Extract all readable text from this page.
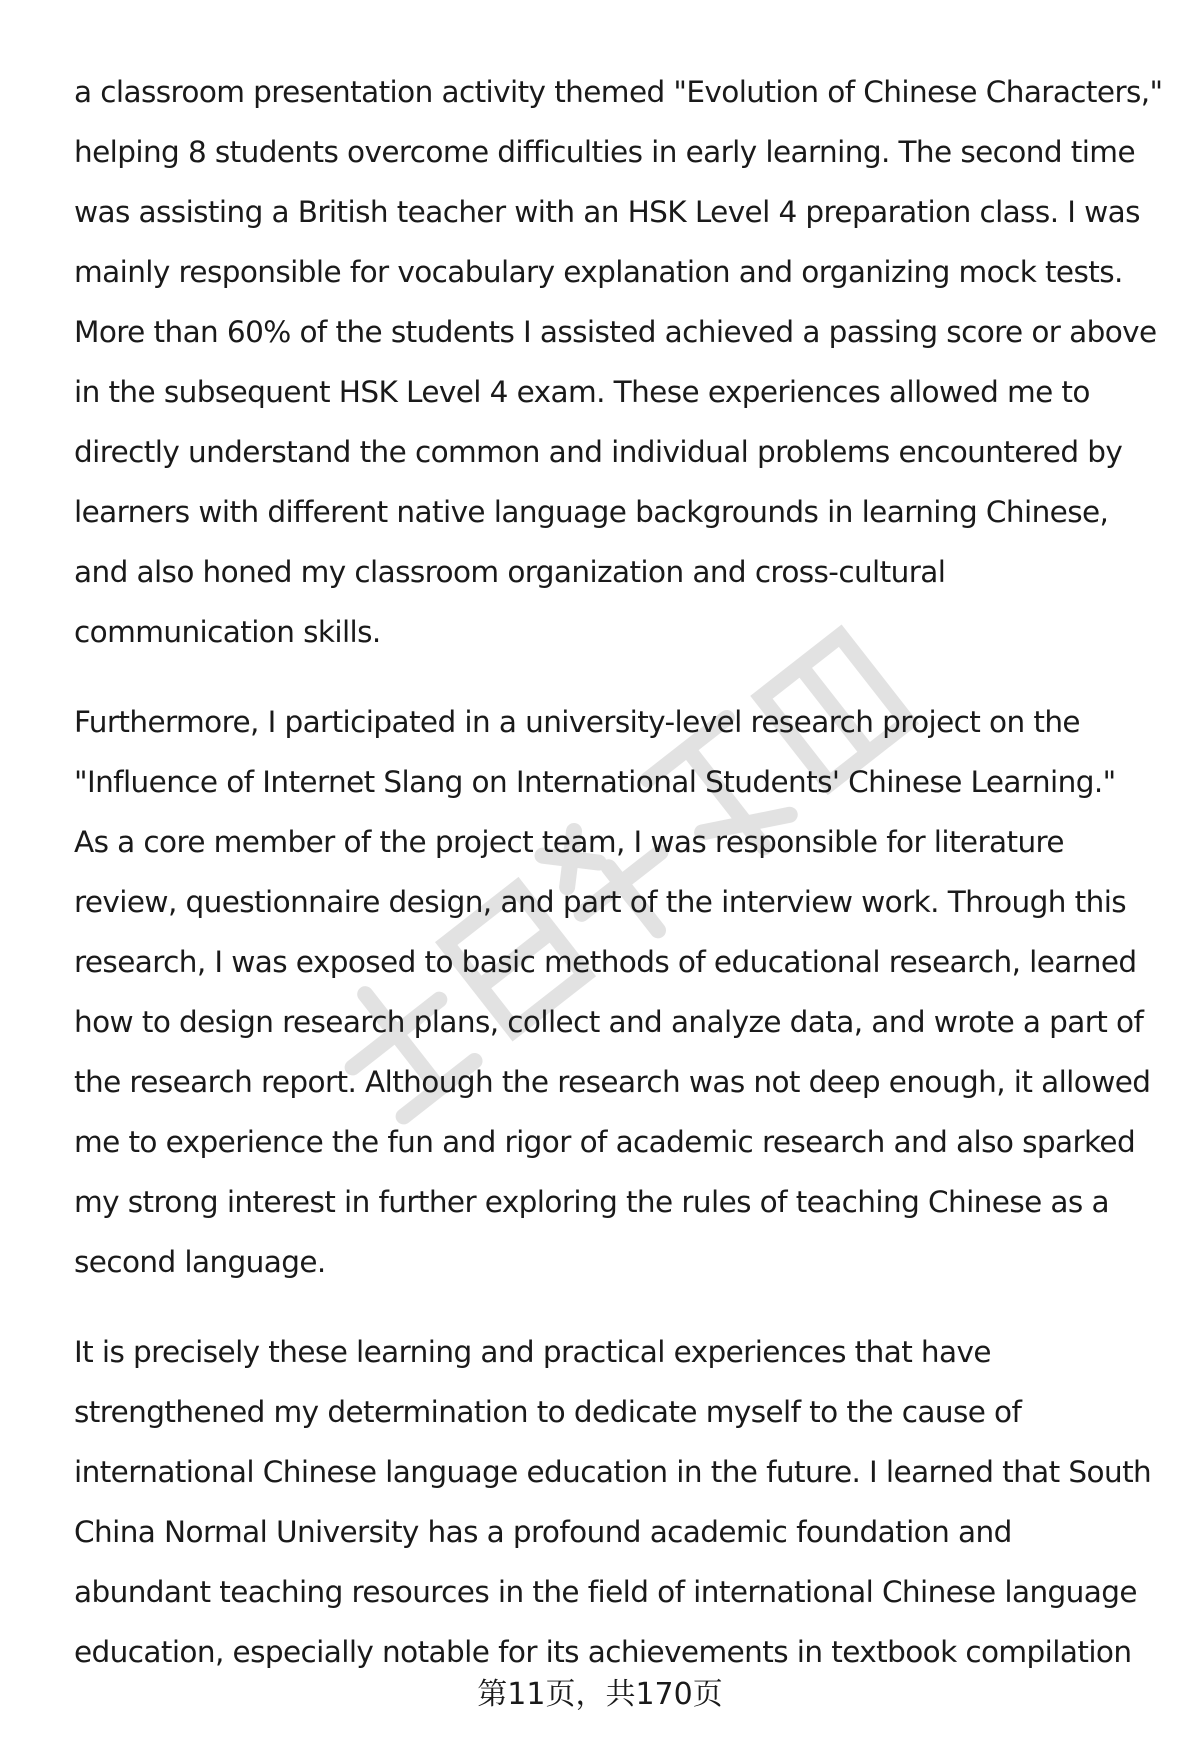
a classroom presentation activity themed "Evolution of Chinese Characters,"
helping 8 students overcome difficulties in early learning. The second time
was assisting a British teacher with an HSK Level 4 preparation class. I was
mainly responsible for vocabulary explanation and organizing mock tests.
More than 60% of the students I assisted achieved a passing score or above
in the subsequent HSK Level 4 exam. These experiences allowed me to
directly understand the common and individual problems encountered by
learners with different native language backgrounds in learning Chinese,
and also honed my classroom organization and cross-cultural
communication skills.

Furthermore, I participated in a university-level research project on the
"Influence of Internet Slang on International Students' Chinese Learning."
As a core member of the project team, I was responsible for literature
review, questionnaire design, and part of the interview work. Through this
research, I was exposed to basic methods of educational research, learned
how to design research plans, collect and analyze data, and wrote a part of
the research report. Although the research was not deep enough, it allowed
me to experience the fun and rigor of academic research and also sparked
my strong interest in further exploring the rules of teaching Chinese as a
second language.

It is precisely these learning and practical experiences that have
strengthened my determination to dedicate myself to the cause of
international Chinese language education in the future. I learned that South
China Normal University has a profound academic foundation and
abundant teaching resources in the field of international Chinese language
education, especially notable for its achievements in textbook compilation

第11页，共170页
